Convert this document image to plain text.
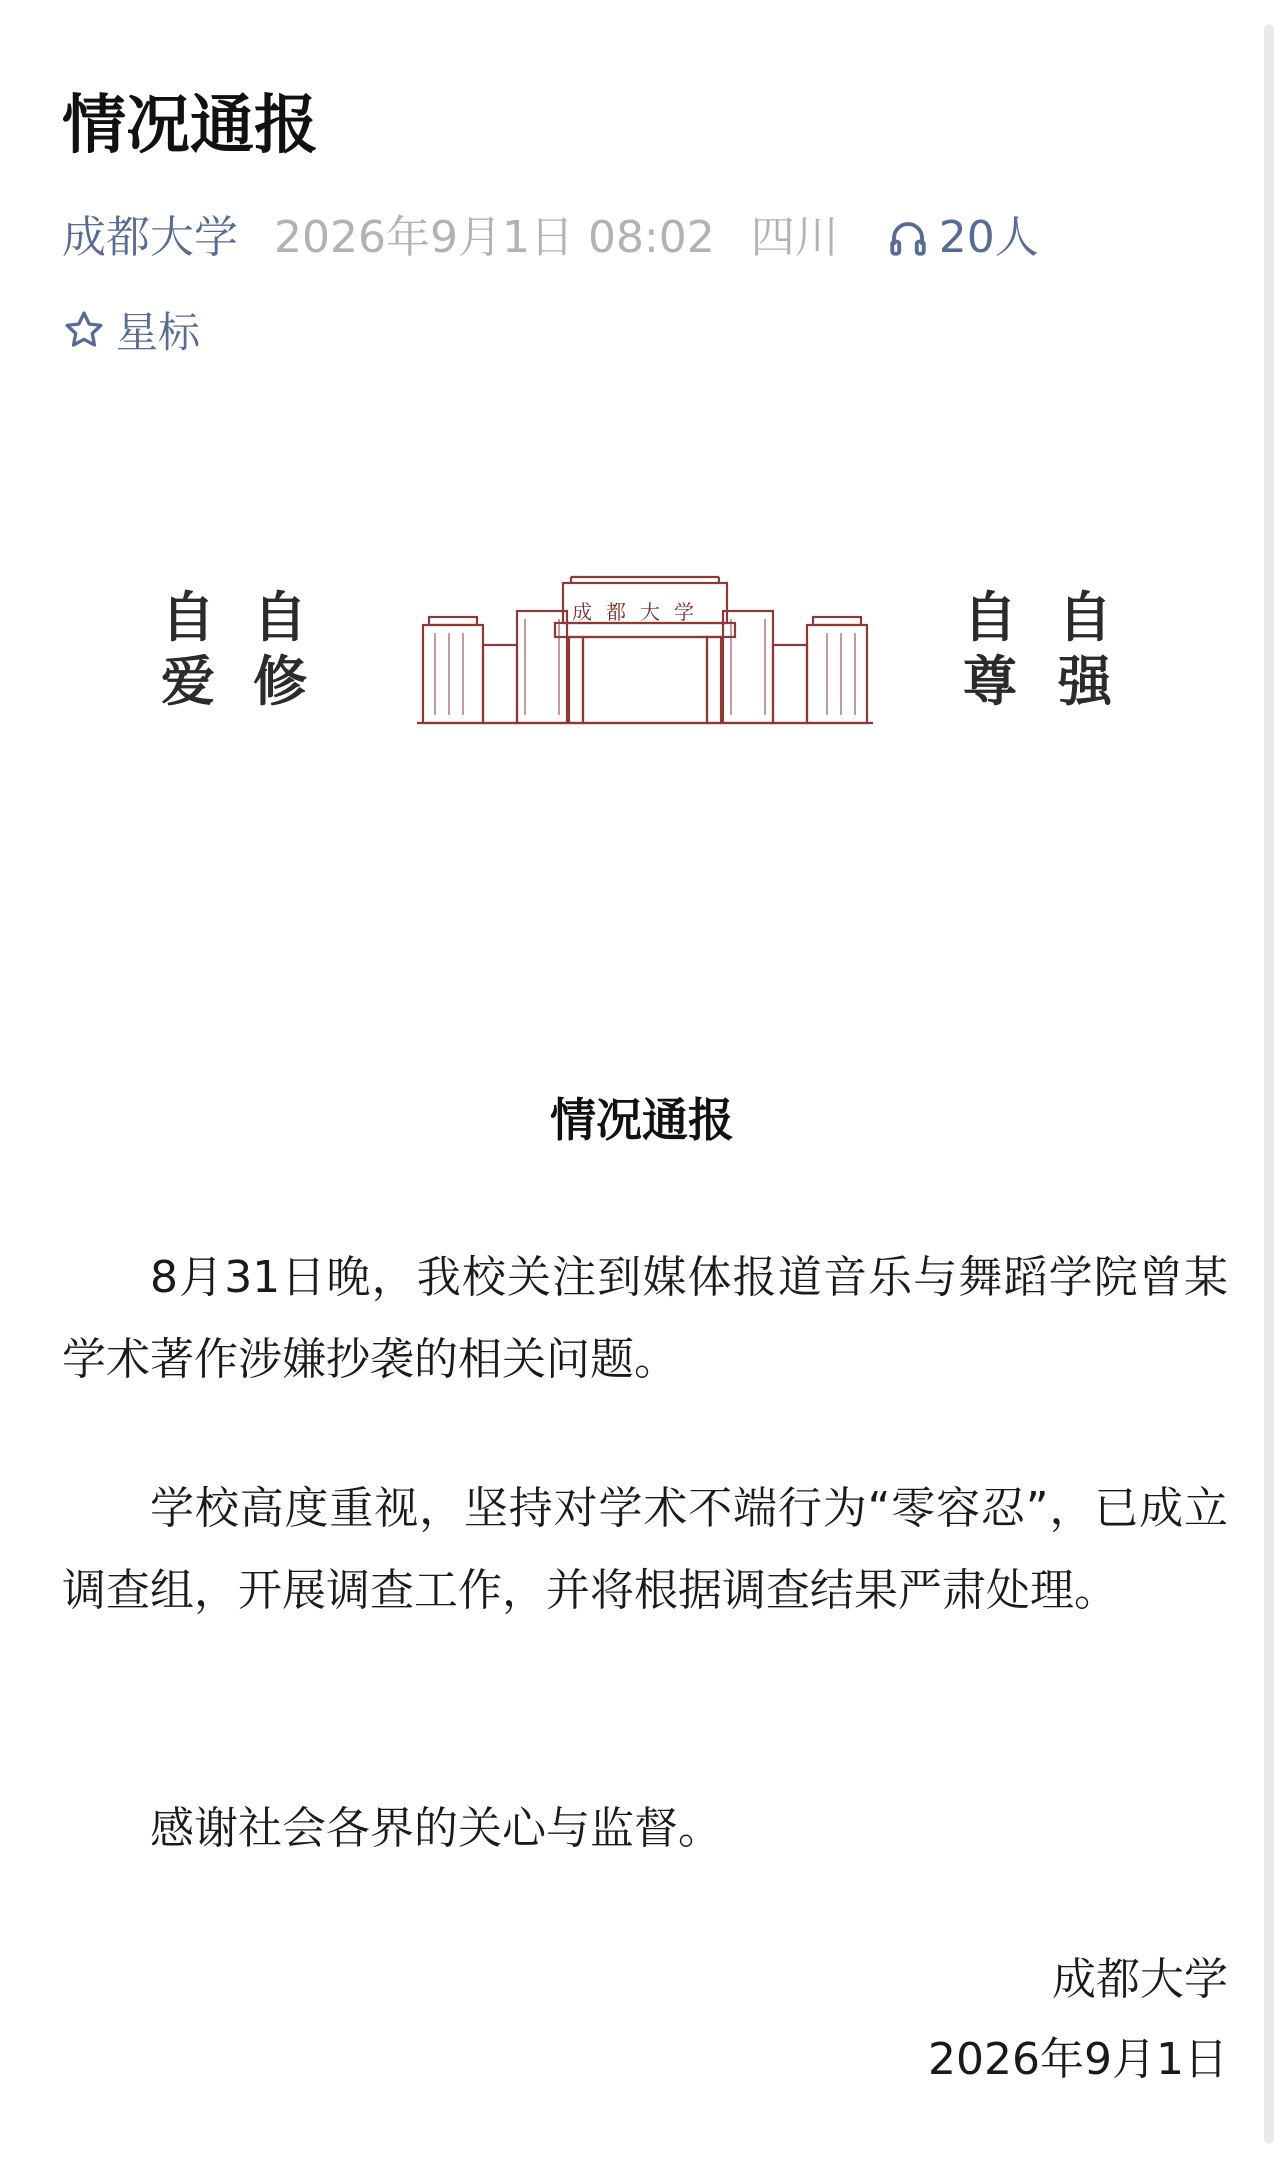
情况通报
成都大学 2026年9月1日 08:02 四川 20人
星标
自
爱
自
修
成都大学	自
尊
自
强
情况通报

8月31日晚，我校关注到媒体报道音乐与舞蹈学院曾某学术著作涉嫌抄袭的相关问题。

学校高度重视，坚持对学术不端行为“零容忍”，已成立调查组，开展调查工作，并将根据调查结果严肃处理。

感谢社会各界的关心与监督。

成都大学

2026年9月1日
